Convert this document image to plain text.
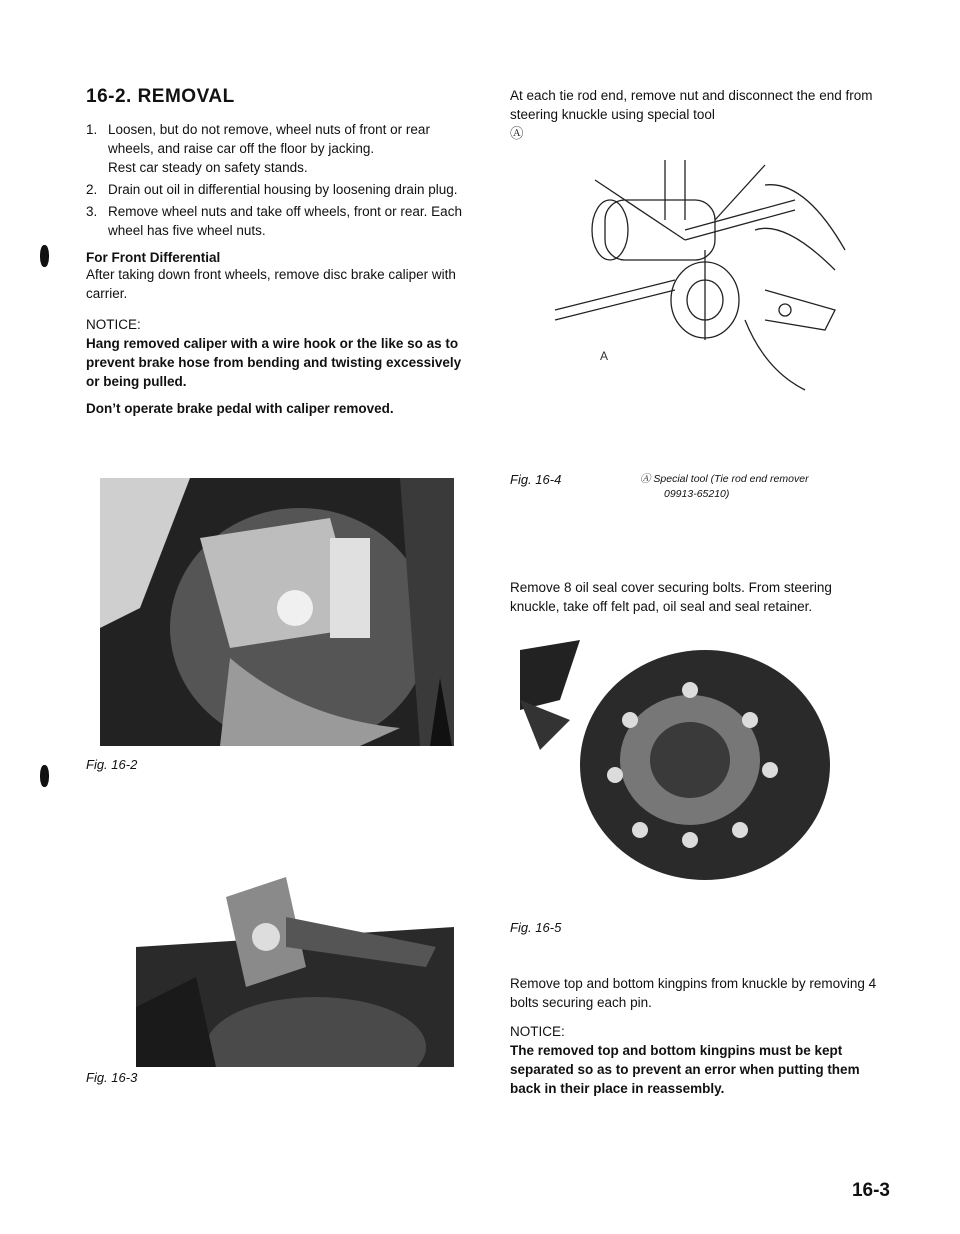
16-2. REMOVAL
1. Loosen, but do not remove, wheel nuts of front or rear wheels, and raise car off the floor by jacking.
Rest car steady on safety stands.
2. Drain out oil in differential housing by loosening drain plug.
3. Remove wheel nuts and take off wheels, front or rear. Each wheel has five wheel nuts.
For Front Differential

After taking down front wheels, remove disc brake caliper with carrier.

NOTICE:

Hang removed caliper with a wire hook or the like so as to prevent brake hose from bending and twisting excessively or being pulled.

Don’t operate brake pedal with caliper removed.

Fig. 16-2
Fig. 16-3

At each tie rod end, remove nut and disconnect the end from steering knuckle using special tool
Ⓐ

A
Fig. 16-4	Ⓐ Special tool (Tie rod end remover
09913-65210)

Remove 8 oil seal cover securing bolts. From steering knuckle, take off felt pad, oil seal and seal retainer.

Fig. 16-5

Remove top and bottom kingpins from knuckle by removing 4 bolts securing each pin.

NOTICE:

The removed top and bottom kingpins must be kept separated so as to prevent an error when putting them back in their place in reassembly.

16-3
